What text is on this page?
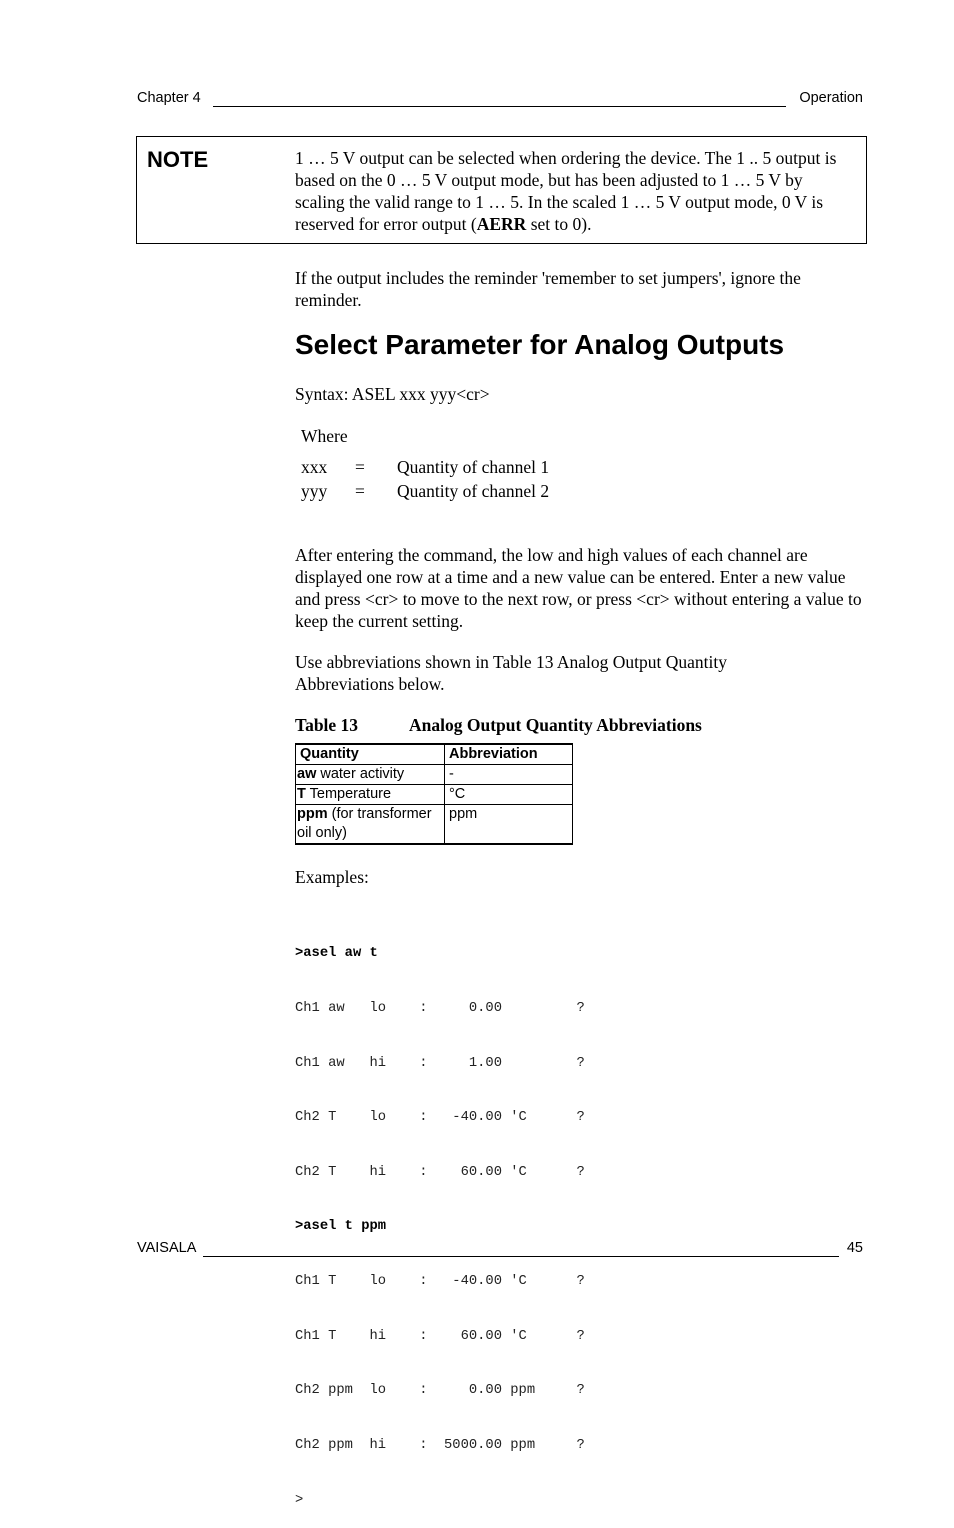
Chapter 4	Operation
NOTE	1 … 5 V output can be selected when ordering the device. The 1 .. 5 output is based on the 0 … 5 V output mode, but has been adjusted to 1 … 5 V by scaling the valid range to 1 … 5. In the scaled 1 … 5 V output mode, 0 V is reserved for error output (AERR set to 0).
If the output includes the reminder 'remember to set jumpers', ignore the reminder.
Select Parameter for Analog Outputs
Syntax: ASEL xxx yyy<cr>
Where
xxx = Quantity of channel 1
yyy = Quantity of channel 2
After entering the command, the low and high values of each channel are displayed one row at a time and a new value can be entered. Enter a new value and press <cr> to move to the next row, or press <cr> without entering a value to keep the current setting.
Use abbreviations shown in Table 13 Analog Output Quantity Abbreviations below.
Table 13	Analog Output Quantity Abbreviations
Quantity	Abbreviation
aw water activity	-
T Temperature	°C
ppm (for transformer oil only)	ppm
Examples:

>asel aw t

Ch1 aw   lo    :     0.00         ?

Ch1 aw   hi    :     1.00         ?

Ch2 T    lo    :   -40.00 'C      ?

Ch2 T    hi    :    60.00 'C      ?

>asel t ppm

Ch1 T    lo    :   -40.00 'C      ?

Ch1 T    hi    :    60.00 'C      ?

Ch2 ppm  lo    :     0.00 ppm     ?

Ch2 ppm  hi    :  5000.00 ppm     ?

>

VAISALA	45
